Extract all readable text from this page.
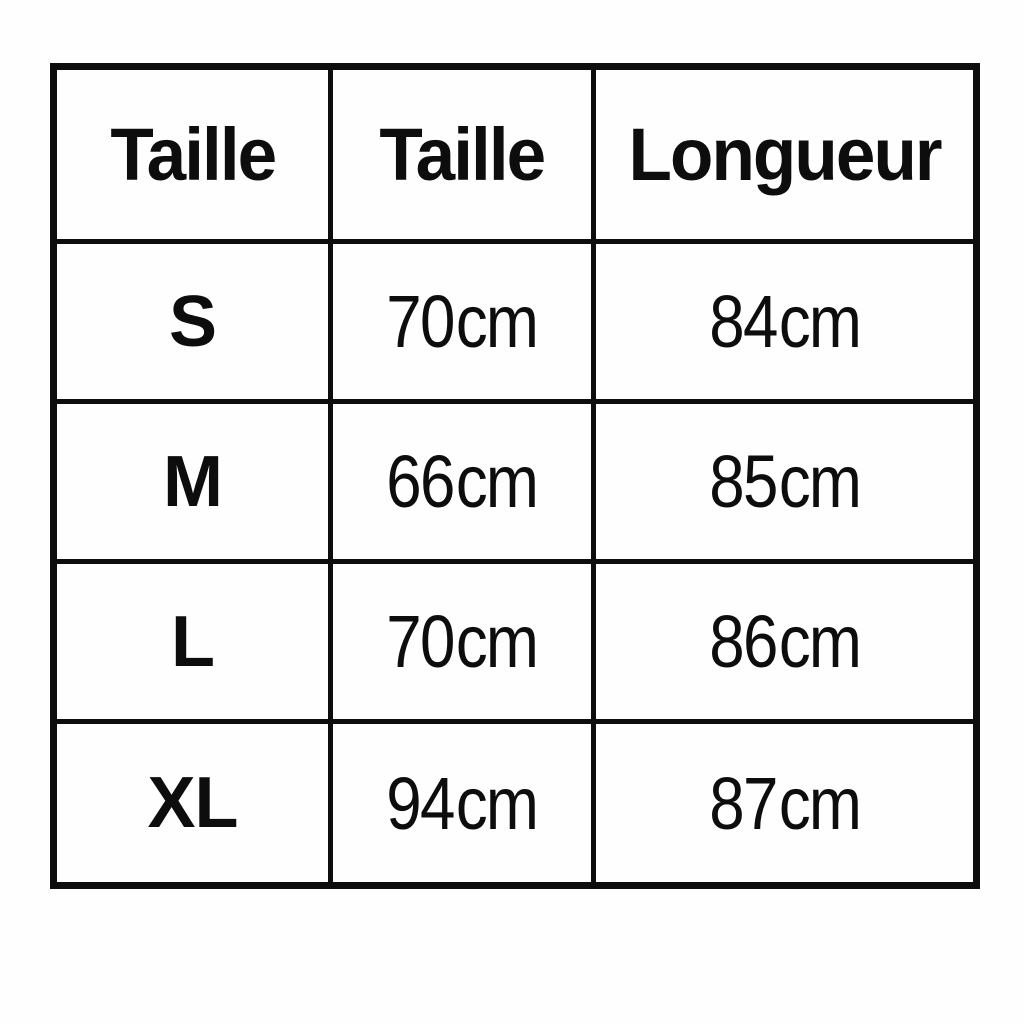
Taille	Taille	Longueur
S	70 cm	84 cm
M	66 cm	85 cm
L	70 cm	86 cm
XL	94 cm	87 cm
